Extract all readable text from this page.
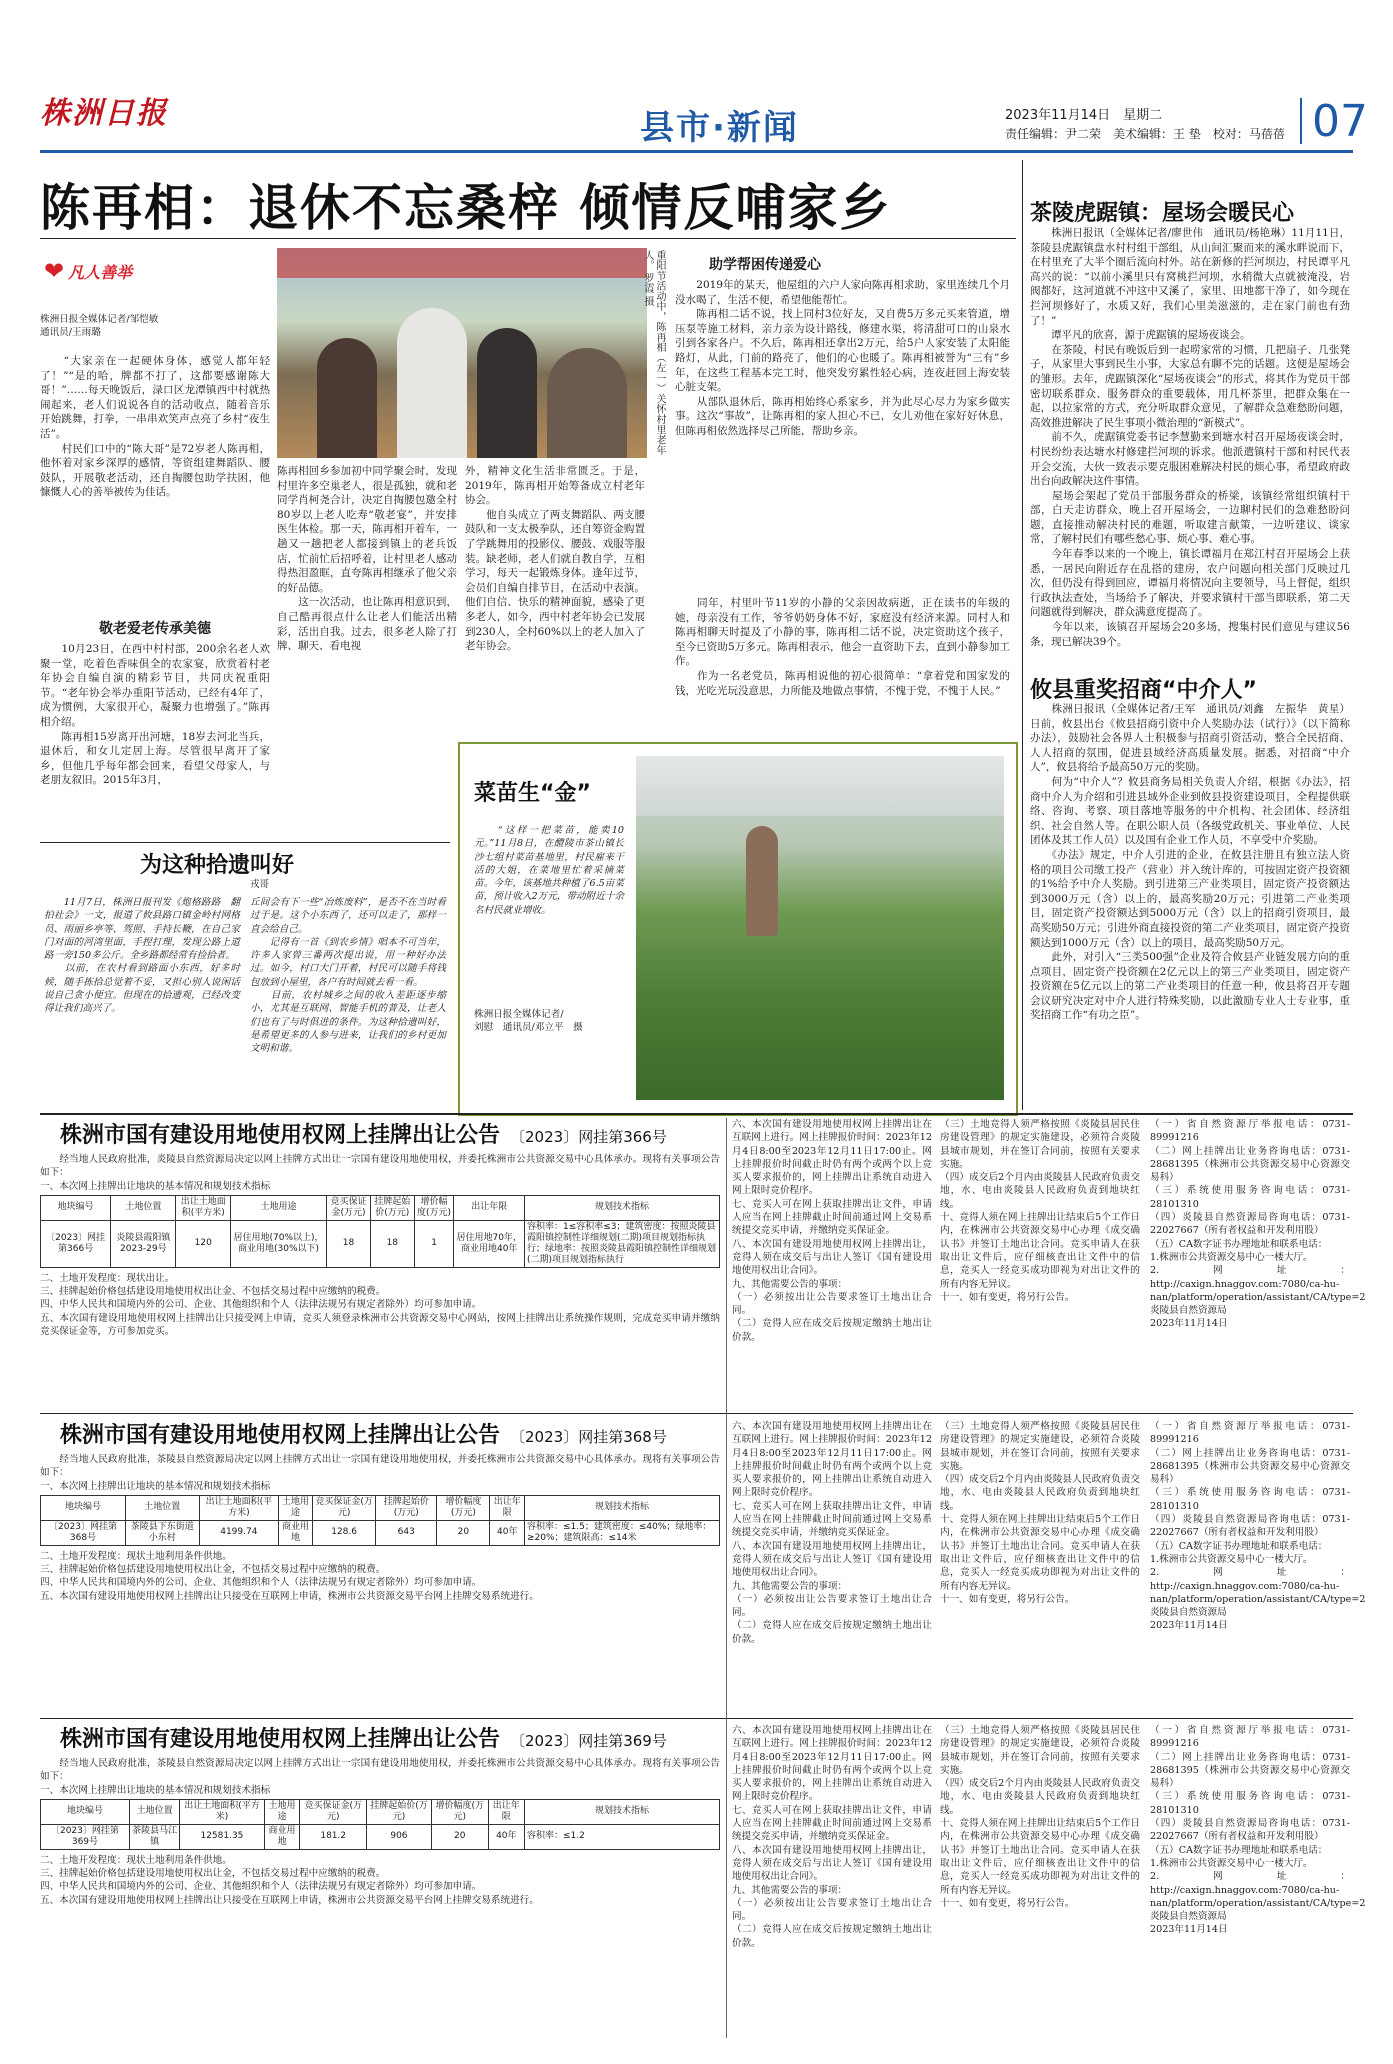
株洲日报	县市·新闻	2023年11月14日　星期二
责任编辑：尹二荣　美术编辑：王 垫　校对：马蓓蓓 07
陈再相：退休不忘桑梓 倾情反哺家乡
❤ 凡人善举
株洲日报全媒体记者/邹恺敏
通讯员/王雨璐
　　“大家亲在一起硬体身体，感觉人都年轻了！”“是的哈，牌都不打了，这都要感谢陈大哥！”……每天晚饭后，渌口区龙潭镇西中村就热闹起来，老人们说说各自的活动收点，随着音乐开始跳舞，打拳，一串串欢笑声点亮了乡村“夜生活”。
　　村民们口中的“陈大哥”是72岁老人陈再相，他怀着对家乡深厚的感情，等资组建舞蹈队、腰鼓队，开展敬老活动，还自掏腰包助学扶困，他慷慨人心的善举被传为佳话。
重阳节活动中，陈再相（左一）关怀村里老年人。 罗霞 摄
敬老爱老传承美德
　　10月23日，在西中村村部，200余名老人欢聚一堂，吃着色香味俱全的农家宴，欣赏着村老年协会自编自演的精彩节目，共同庆祝重阳节。“老年协会举办重阳节活动，已经有4年了，成为惯例，大家很开心，凝聚力也增强了。”陈再相介绍。
　　陈再相15岁离开出河塘，18岁去河北当兵，退休后，和女儿定居上海。尽管很早离开了家乡，但他几乎每年都会回来，看望父母家人，与老朋友叙旧。2015年3月，
陈再相回乡参加初中同学聚会时，发现村里许多空巢老人，很是孤独，就和老同学肖柯尧合计，决定自掏腰包邀全村80岁以上老人吃寿“敬老宴”，并安排医生体检。那一天，陈再相开着车，一趟又一趟把老人都接到镇上的老兵饭店，忙前忙后招呼着，让村里老人感动得热泪盈眶，直夸陈再相继承了他父亲的好品德。
　　这一次活动，也让陈再相意识到，自己酷再很点什么让老人们能活出精彩，活出自我。过去，很多老人除了打牌、聊天、看电视
外，精神文化生活非常匮乏。于是，2019年，陈再相开始筹备成立村老年协会。
　　他自头成立了两支舞蹈队、两支腰鼓队和一支太极拳队，还自筹资金购置了学跳舞用的投影仪、腰鼓、戏服等服装。缺老师，老人们就自教自学，互相学习，每天一起锻炼身体。逢年过节，会员们自编自排节目，在活动中表演。他们自信、快乐的精神面貌，感染了更多老人，如今，西中村老年协会已发展到230人，全村60%以上的老人加入了老年协会。
助学帮困传递爱心
　　2019年的某天，他屋组的六户人家向陈再相求助，家里连续几个月没水喝了，生活不便，希望他能帮忙。
　　陈再相二话不说，找上同村3位好友，又自费5万多元买来管道，增压泵等施工材料，亲力亲为设计路线，修建水渠，将清甜可口的山泉水引到各家各户。不久后，陈再相还拿出2万元，给5户人家安装了太阳能路灯，从此，门前的路亮了，他们的心也暖了。陈再相被誉为“三有”乡年，在这些工程基本完工时，他突发穷累性轻心病，连夜赶回上海安装心脏支架。
　　从部队退休后，陈再相始终心系家乡，并为此尽心尽力为家乡做实事。这次“事故”，让陈再相的家人担心不已，女儿劝他在家好好休息，但陈再相依然选择尽己所能，帮助乡亲。
　　同年，村里叶节11岁的小静的父亲因故病逝，正在读书的年级的她，母亲没有工作，爷爷奶奶身体不好，家庭没有经济来源。同村人和陈再相聊天时提及了小静的事，陈再相二话不说，决定资助这个孩子，至今已资助5万多元。陈再相表示，他会一直资助下去，直到小静参加工作。
　　作为一名老党员，陈再相说他的初心很简单：“拿着党和国家发的钱，光吃光玩没意思，力所能及地做点事情，不愧于党，不愧于人民。”
茶陵虎踞镇：屋场会暖民心
　　株洲日报讯（全媒体记者/廖世伟　通讯员/杨艳琳）11月11日，茶陵县虎踞镇盘水村村组干部组，从山间汇聚而来的溪水畔说而下，在村里充了大半个圈后流向村外。站在新修的拦河坝边，村民谭平凡高兴的说：“以前小溪里只有窝桃拦河坝，水稍微大点就被淹没，岩阀都好，这河道就不冲这中又溪了，家里、田地都干净了，如今现在拦河坝修好了，水质又好，我们心里美滋滋的，走在家门前也有劲了！”
　　谭平凡的欣喜，源于虎踞镇的屋场夜谈会。
　　在茶陵，村民有晚饭后到一起唠家常的习惯，几把扇子、几张凳子，从家里大事到民生小事，大家总有聊不完的话题。这便是屋场会的雏形。去年，虎踞镇深化“屋场夜谈会”的形式，将其作为党员干部密切联系群众、服务群众的重要载体，用几杯茶里，把群众集在一起，以拉家常的方式，充分听取群众意见，了解群众急难愁盼问题，高效推进解决了民生事项小微治理的“新模式”。
　　前不久，虎踞镇党委书记李慧勤来到塘水村召开屋场夜谈会时，村民纷纷表达塘水村修建拦河坝的诉求。他派遣镇村干部和村民代表开会交流，大伙一致表示要克服困难解决村民的烦心事，希望政府政出台向政解决这件事情。
　　屋场会架起了党员干部服务群众的桥梁，该镇经常组织镇村干部，白天走访群众，晚上召开屋场会，一边聊村民们的急难愁盼问题，直接推动解决村民的难题，听取建言献策，一边听建议、谈家常，了解村民们有哪些愁心事、烦心事、难心事。
　　今年春季以来的一个晚上，镇长谭福月在郑江村召开屋场会上获悉，一居民向附近存在乱搭的建房，农户问题向相关部门反映过几次，但仍没有得到回应，谭福月将情况向主要领导，马上督促，组织行政执法查处，当场给予了解决，并要求镇村干部当即联系，第二天问题就得到解决，群众满意度提高了。
　　今年以来，该镇召开屋场会20多场，搜集村民们意见与建议56条，现已解决39个。
攸县重奖招商“中介人”
　　株洲日报讯（全媒体记者/王军　通讯员/刘鑫　左振华　黄星）日前，攸县出台《攸县招商引资中介人奖励办法（试行）》（以下简称办法），鼓励社会各界人士积极参与招商引资活动，整合全民招商、人人招商的氛围，促进县域经济高质量发展。据悉，对招商“中介人”，攸县将给予最高50万元的奖励。
　　何为“中介人”？攸县商务局相关负责人介绍，根据《办法》，招商中介人为介绍和引进县域外企业到攸县投资建设项目，全程提供联络、咨询、考察、项目落地等服务的中介机构、社会团体、经济组织、社会自然人等。在职公职人员（各级党政机关、事业单位、人民团体及其工作人员）以及国有企业工作人员，不享受中介奖励。
　　《办法》规定，中介人引进的企业，在攸县注册且有独立法人资格的项目公司缴工投产（营业）并入统计库的，可按固定资产投资额的1%给予中介人奖励。到引进第三产业类项目，固定资产投资额达到3000万元（含）以上的，最高奖励20万元；引进第二产业类项目，固定资产投资额达到5000万元（含）以上的招商引资项目，最高奖励50万元；引进外商直接投资的第二产业类项目，固定资产投资额达到1000万元（含）以上的项目，最高奖励50万元。
　　此外，对引入“三类500强”企业及符合攸县产业链发展方向的重点项目，固定资产投资额在2亿元以上的第三产业类项目，固定资产投资额在5亿元以上的第二产业类项目的任意一种，攸县将召开专题会议研究决定对中介人进行特殊奖励，以此激励专业人士专业事，重奖招商工作“有功之臣”。
为这种拾遗叫好
戎哥
　　11月7日，株洲日报刊发《炮格路路　翻拍社会》一文，报道了攸县路口镇金岭村网格员、雨丽乡亭等、驾照、手持长鞭，在自己家门对面的河湾里面，手捏打理，发现公路上道路一旁150多公斤。全乡路都经常有捡拾者。
　　以前，在农村看到路面小东西，好多时候，随手拣拾总觉着不妥，又担心别人说闲话说自己贪小便宜。但现在的拾遗观，已经改变得让我们高兴了。
丘间会有下一些“冶炼废料”，是否不在当时看过于是。这个小东西了，还可以走了，那样一直会给自己。
　　记得有一首《到农乡情》唱本不可当年，许多人家曾三番两次提出说，用一种好办法过。如今，村口大门开着，村民可以随手将钱包放到小屋里，各户有时间就去看一看。
　　目前，农村城乡之间的收入差距逐步缩小，尤其是互联网、智能手机的普及，让老人们也有了与时俱进的条件。为这种拾遗叫好，是希望更多的人参与进来，让我们的乡村更加文明和谐。
菜苗生“金”
　　“这样一把菜苗，能卖10元。”11月8日，在醴陵市茶山镇长沙七组村菜苗基地里，村民雇来干活的大姐，在菜地里忙着采摘菜苗。今年，该基地共种植了6.5亩菜苗，预计收入2万元，带动附近十余名村民就业增收。
株洲日报全媒体记者/
刘慰　通讯员/邓立平　摄
株洲市国有建设用地使用权网上挂牌出让公告 〔2023〕网挂第366号
　　经当地人民政府批准，炎陵县自然资源局决定以网上挂牌方式出让一宗国有建设用地使用权，并委托株洲市公共资源交易中心具体承办。现将有关事项公告如下：
一、本次网上挂牌出让地块的基本情况和规划技术指标
地块编号	土地位置	出让土地面积(平方米)	土地用途	竞买保证金(万元)	挂牌起始价(万元)	增价幅度(万元)	出让年限	规划技术指标
〔2023〕网挂第366号	炎陵县霞阳镇2023-29号	120	居住用地(70%以上)，商业用地(30%以下)	18	18	1	居住用地70年，商业用地40年	容积率：1≤容积率≤3；建筑密度：按照炎陵县霞阳镇控制性详细规划(二期)项目规划指标执行；绿地率：按照炎陵县霞阳镇控制性详细规划(二期)项目规划指标执行
二、土地开发程度：现状出让。
三、挂牌起始价格包括建设用地使用权出让金、不包括交易过程中应缴纳的税费。
四、中华人民共和国境内外的公司、企业、其他组织和个人（法律法规另有规定者除外）均可参加申请。
五、本次国有建设用地使用权网上挂牌出让只接受网上申请，竞买人须登录株洲市公共资源交易中心网站，按网上挂牌出让系统操作规则，完成竞买申请并缴纳竞买保证金等，方可参加竞买。
株洲市国有建设用地使用权网上挂牌出让公告 〔2023〕网挂第368号
　　经当地人民政府批准，茶陵县自然资源局决定以网上挂牌方式出让一宗国有建设用地使用权，并委托株洲市公共资源交易中心具体承办。现将有关事项公告如下：
一、本次网上挂牌出让地块的基本情况和规划技术指标
地块编号	土地位置	出让土地面积(平方米)	土地用途	竞买保证金(万元)	挂牌起始价(万元)	增价幅度(万元)	出让年限	规划技术指标
〔2023〕网挂第368号	茶陵县下东街道小东村	4199.74	商业用地	128.6	643	20	40年	容积率：≤1.5；建筑密度：≤40%；绿地率：≥20%；建筑限高：≤14米
二、土地开发程度：现状土地利用条件供地。
三、挂牌起始价格包括建设用地使用权出让金，不包括交易过程中应缴纳的税费。
四、中华人民共和国境内外的公司、企业、其他组织和个人（法律法规另有规定者除外）均可参加申请。
五、本次国有建设用地使用权网上挂牌出让只接受在互联网上申请，株洲市公共资源交易平台网上挂牌交易系统进行。
株洲市国有建设用地使用权网上挂牌出让公告 〔2023〕网挂第369号
　　经当地人民政府批准，茶陵县自然资源局决定以网上挂牌方式出让一宗国有建设用地使用权，并委托株洲市公共资源交易中心具体承办。现将有关事项公告如下：
一、本次网上挂牌出让地块的基本情况和规划技术指标
地块编号	土地位置	出让土地面积(平方米)	土地用途	竞买保证金(万元)	挂牌起始价(万元)	增价幅度(万元)	出让年限	规划技术指标
〔2023〕网挂第369号	茶陵县马江镇	12581.35	商业用地	181.2	906	20	40年	容积率：≤1.2
二、土地开发程度：现状土地利用条件供地。
三、挂牌起始价格包括建设用地使用权出让金，不包括交易过程中应缴纳的税费。
四、中华人民共和国境内外的公司、企业、其他组织和个人（法律法规另有规定者除外）均可参加申请。
五、本次国有建设用地使用权网上挂牌出让只接受在互联网上申请，株洲市公共资源交易平台网上挂牌交易系统进行。
六、本次国有建设用地使用权网上挂牌出让在互联网上进行。网上挂牌报价时间：2023年12月4日8:00至2023年12月11日17:00止。网上挂牌报价时间截止时仍有两个或两个以上竞买人要求报价的，网上挂牌出让系统自动进入网上限时竞价程序。
七、竞买人可在网上获取挂牌出让文件，申请人应当在网上挂牌截止时间前通过网上交易系统提交竞买申请，并缴纳竞买保证金。
八、本次国有建设用地使用权网上挂牌出让，竞得人须在成交后与出让人签订《国有建设用地使用权出让合同》。
九、其他需要公告的事项：
（一）必须按出让公告要求签订土地出让合同。
（二）竞得人应在成交后按规定缴纳土地出让价款。
（三）土地竞得人须严格按照《炎陵县居民住房建设管理》的规定实施建设，必须符合炎陵县城市规划，并在签订合同前，按照有关要求实施。
（四）成交后2个月内由炎陵县人民政府负责交地，水、电由炎陵县人民政府负责到地块红线。
十、竞得人须在网上挂牌出让结束后5个工作日内，在株洲市公共资源交易中心办理《成交确认书》并签订土地出让合同。竞买申请人在获取出让文件后，应仔细核查出让文件中的信息，竞买人一经竞买成功即视为对出让文件的所有内容无异议。
十一、如有变更，将另行公告。
（一）省自然资源厅举报电话：0731-89991216
（二）网上挂牌出让业务咨询电话：0731-28681395（株洲市公共资源交易中心资源交易科）
（三）系统使用服务咨询电话：0731-28101310
（四）炎陵县自然资源局咨询电话：0731-22027667（所有者权益和开发利用股）
（五）CA数字证书办理地址和联系电话：
1.株洲市公共资源交易中心一楼大厅。
2.网址：http://caxign.hnaggov.com:7080/ca-hu-nan/platform/operation/assistant/CA/type=2
炎陵县自然资源局
2023年11月14日
六、本次国有建设用地使用权网上挂牌出让在互联网上进行。网上挂牌报价时间：2023年12月4日8:00至2023年12月11日17:00止。网上挂牌报价时间截止时仍有两个或两个以上竞买人要求报价的，网上挂牌出让系统自动进入网上限时竞价程序。
七、竞买人可在网上获取挂牌出让文件，申请人应当在网上挂牌截止时间前通过网上交易系统提交竞买申请，并缴纳竞买保证金。
八、本次国有建设用地使用权网上挂牌出让，竞得人须在成交后与出让人签订《国有建设用地使用权出让合同》。
九、其他需要公告的事项：
（一）必须按出让公告要求签订土地出让合同。
（二）竞得人应在成交后按规定缴纳土地出让价款。
（三）土地竞得人须严格按照《炎陵县居民住房建设管理》的规定实施建设，必须符合炎陵县城市规划，并在签订合同前，按照有关要求实施。
（四）成交后2个月内由炎陵县人民政府负责交地，水、电由炎陵县人民政府负责到地块红线。
十、竞得人须在网上挂牌出让结束后5个工作日内，在株洲市公共资源交易中心办理《成交确认书》并签订土地出让合同。竞买申请人在获取出让文件后，应仔细核查出让文件中的信息，竞买人一经竞买成功即视为对出让文件的所有内容无异议。
十一、如有变更，将另行公告。
（一）省自然资源厅举报电话：0731-89991216
（二）网上挂牌出让业务咨询电话：0731-28681395（株洲市公共资源交易中心资源交易科）
（三）系统使用服务咨询电话：0731-28101310
（四）炎陵县自然资源局咨询电话：0731-22027667（所有者权益和开发利用股）
（五）CA数字证书办理地址和联系电话：
1.株洲市公共资源交易中心一楼大厅。
2.网址：http://caxign.hnaggov.com:7080/ca-hu-nan/platform/operation/assistant/CA/type=2
炎陵县自然资源局
2023年11月14日
六、本次国有建设用地使用权网上挂牌出让在互联网上进行。网上挂牌报价时间：2023年12月4日8:00至2023年12月11日17:00止。网上挂牌报价时间截止时仍有两个或两个以上竞买人要求报价的，网上挂牌出让系统自动进入网上限时竞价程序。
七、竞买人可在网上获取挂牌出让文件，申请人应当在网上挂牌截止时间前通过网上交易系统提交竞买申请，并缴纳竞买保证金。
八、本次国有建设用地使用权网上挂牌出让，竞得人须在成交后与出让人签订《国有建设用地使用权出让合同》。
九、其他需要公告的事项：
（一）必须按出让公告要求签订土地出让合同。
（二）竞得人应在成交后按规定缴纳土地出让价款。
（三）土地竞得人须严格按照《炎陵县居民住房建设管理》的规定实施建设，必须符合炎陵县城市规划，并在签订合同前，按照有关要求实施。
（四）成交后2个月内由炎陵县人民政府负责交地，水、电由炎陵县人民政府负责到地块红线。
十、竞得人须在网上挂牌出让结束后5个工作日内，在株洲市公共资源交易中心办理《成交确认书》并签订土地出让合同。竞买申请人在获取出让文件后，应仔细核查出让文件中的信息，竞买人一经竞买成功即视为对出让文件的所有内容无异议。
十一、如有变更，将另行公告。
（一）省自然资源厅举报电话：0731-89991216
（二）网上挂牌出让业务咨询电话：0731-28681395（株洲市公共资源交易中心资源交易科）
（三）系统使用服务咨询电话：0731-28101310
（四）炎陵县自然资源局咨询电话：0731-22027667（所有者权益和开发利用股）
（五）CA数字证书办理地址和联系电话：
1.株洲市公共资源交易中心一楼大厅。
2.网址：http://caxign.hnaggov.com:7080/ca-hu-nan/platform/operation/assistant/CA/type=2
炎陵县自然资源局
2023年11月14日
